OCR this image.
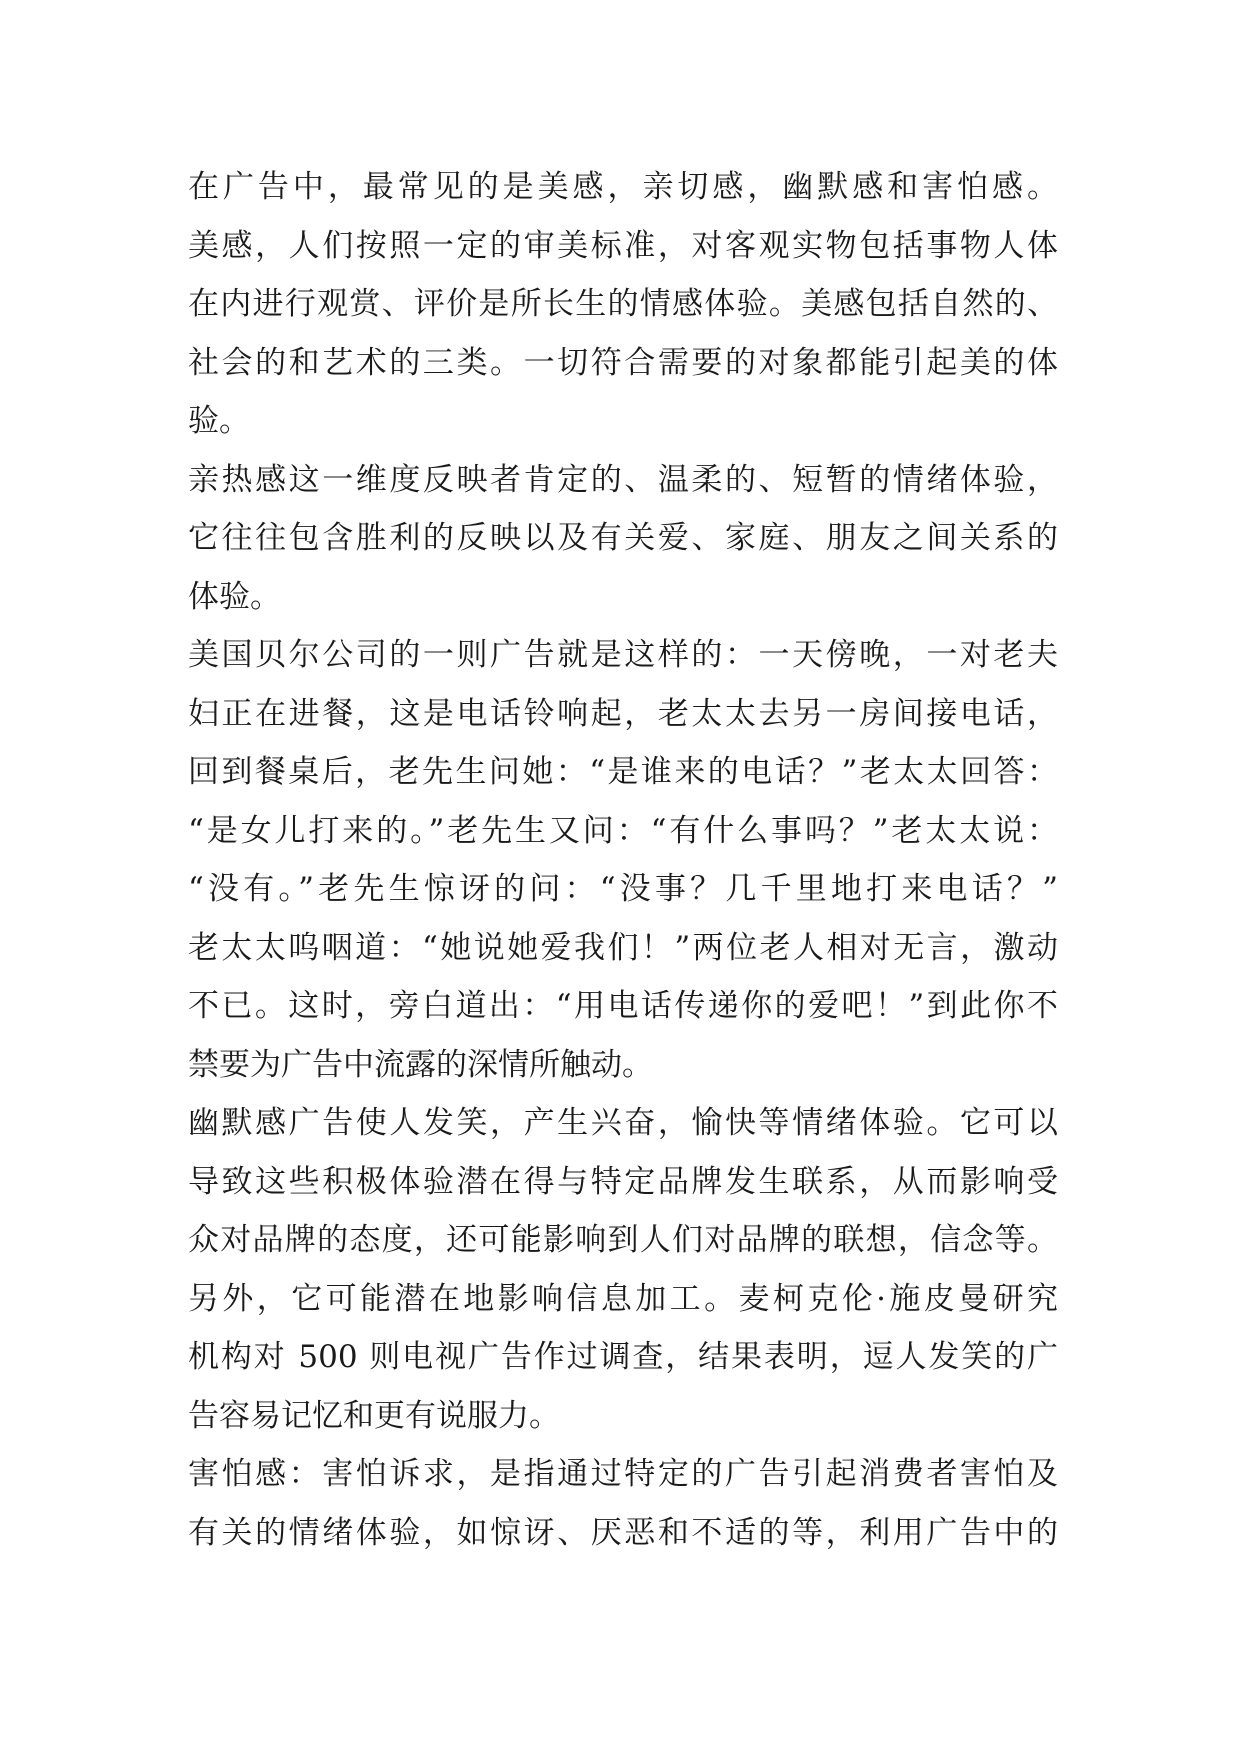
在广告中，最常见的是美感，亲切感，幽默感和害怕感。
美感，人们按照一定的审美标准，对客观实物包括事物人体
在内进行观赏、评价是所长生的情感体验。美感包括自然的、
社会的和艺术的三类。一切符合需要的对象都能引起美的体
验。
亲热感这一维度反映者肯定的、温柔的、短暂的情绪体验，
它往往包含胜利的反映以及有关爱、家庭、朋友之间关系的
体验。
美国贝尔公司的一则广告就是这样的：一天傍晚，一对老夫
妇正在进餐，这是电话铃响起，老太太去另一房间接电话，
回到餐桌后，老先生问她：“是谁来的电话？”老太太回答：
“是女儿打来的。”老先生又问：“有什么事吗？”老太太说：
“没有。”老先生惊讶的问：“没事？几千里地打来电话？”
老太太呜咽道：“她说她爱我们！”两位老人相对无言，激动
不已。这时，旁白道出：“用电话传递你的爱吧！”到此你不
禁要为广告中流露的深情所触动。
幽默感广告使人发笑，产生兴奋，愉快等情绪体验。它可以
导致这些积极体验潜在得与特定品牌发生联系，从而影响受
众对品牌的态度，还可能影响到人们对品牌的联想，信念等。
另外，它可能潜在地影响信息加工。麦柯克伦·施皮曼研究
机构对 500 则电视广告作过调查，结果表明，逗人发笑的广
告容易记忆和更有说服力。
害怕感：害怕诉求，是指通过特定的广告引起消费者害怕及
有关的情绪体验，如惊讶、厌恶和不适的等，利用广告中的
